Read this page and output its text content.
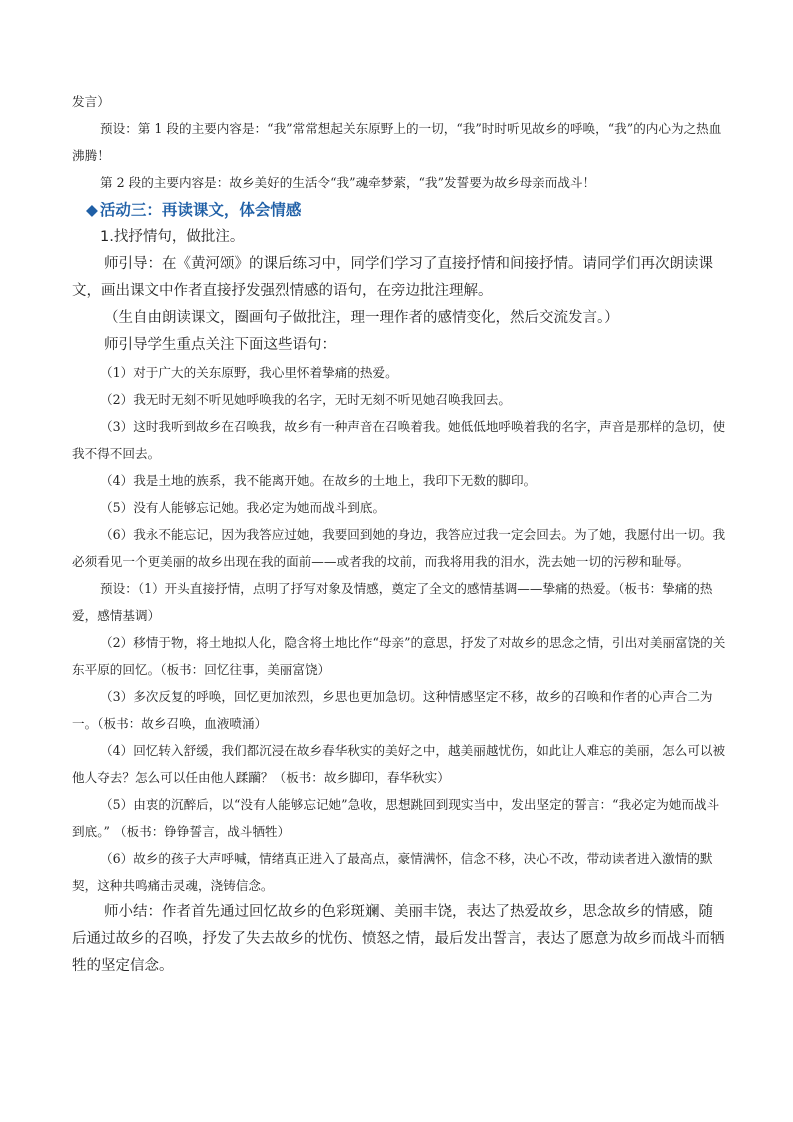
发言）

预设：第 1 段的主要内容是：“我”常常想起关东原野上的一切，“我”时时听见故乡的呼唤，“我”的内心为之热血沸腾！

第 2 段的主要内容是：故乡美好的生活令“我”魂牵梦萦，“我”发誓要为故乡母亲而战斗！

◆ 活动三：再读课文，体会情感

1.找抒情句，做批注。

师引导：在《黄河颂》的课后练习中，同学们学习了直接抒情和间接抒情。请同学们再次朗读课文，画出课文中作者直接抒发强烈情感的语句，在旁边批注理解。

（生自由朗读课文，圈画句子做批注，理一理作者的感情变化，然后交流发言。）

师引导学生重点关注下面这些语句：

（1）对于广大的关东原野，我心里怀着挚痛的热爱。

（2）我无时无刻不听见她呼唤我的名字，无时无刻不听见她召唤我回去。

（3）这时我听到故乡在召唤我，故乡有一种声音在召唤着我。她低低地呼唤着我的名字，声音是那样的急切，使我不得不回去。

（4）我是土地的族系，我不能离开她。在故乡的土地上，我印下无数的脚印。

（5）没有人能够忘记她。我必定为她而战斗到底。

（6）我永不能忘记，因为我答应过她，我要回到她的身边，我答应过我一定会回去。为了她，我愿付出一切。我必须看见一个更美丽的故乡出现在我的面前——或者我的坟前，而我将用我的泪水，洗去她一切的污秽和耻辱。

预设：（1）开头直接抒情，点明了抒写对象及情感，奠定了全文的感情基调——挚痛的热爱。（板书：挚痛的热爱，感情基调）

（2）移情于物，将土地拟人化，隐含将土地比作“母亲”的意思，抒发了对故乡的思念之情，引出对美丽富饶的关东平原的回忆。（板书：回忆往事，美丽富饶）

（3）多次反复的呼唤，回忆更加浓烈，乡思也更加急切。这种情感坚定不移，故乡的召唤和作者的心声合二为一。（板书：故乡召唤，血液喷涌）

（4）回忆转入舒缓，我们都沉浸在故乡春华秋实的美好之中，越美丽越忧伤，如此让人难忘的美丽，怎么可以被他人夺去？怎么可以任由他人蹂躏？（板书：故乡脚印，春华秋实）

（5）由衷的沉醉后，以“没有人能够忘记她”急收，思想跳回到现实当中，发出坚定的誓言：“我必定为她而战斗到底。” （板书：铮铮誓言，战斗牺牲）

（6）故乡的孩子大声呼喊，情绪真正进入了最高点，豪情满怀，信念不移，决心不改，带动读者进入激情的默契，这种共鸣痛击灵魂，浇铸信念。

师小结：作者首先通过回忆故乡的色彩斑斓、美丽丰饶，表达了热爱故乡，思念故乡的情感，随后通过故乡的召唤，抒发了失去故乡的忧伤、愤怒之情，最后发出誓言，表达了愿意为故乡而战斗而牺牲的坚定信念。
